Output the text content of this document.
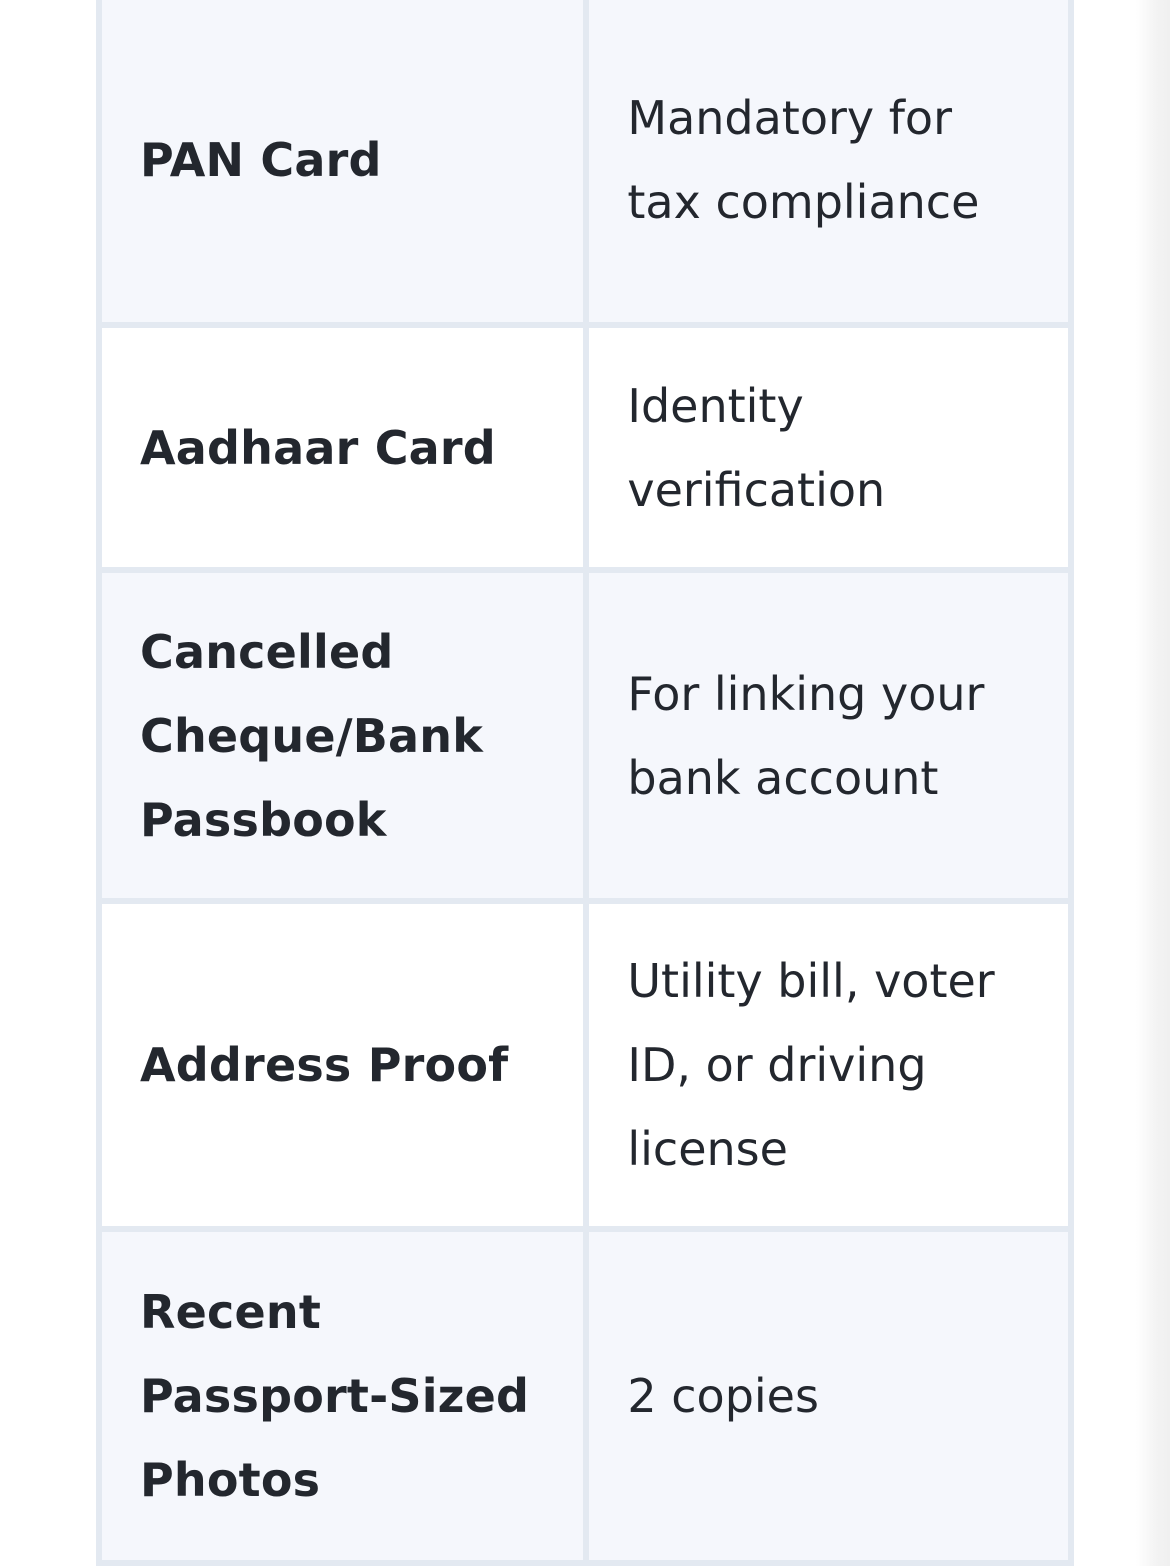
PAN Card	Mandatory for tax compliance
Aadhaar Card	Identity verification
Cancelled Cheque/Bank Passbook	For linking your bank account
Address Proof	Utility bill, voter ID, or driving license
Recent Passport-Sized Photos	2 copies
